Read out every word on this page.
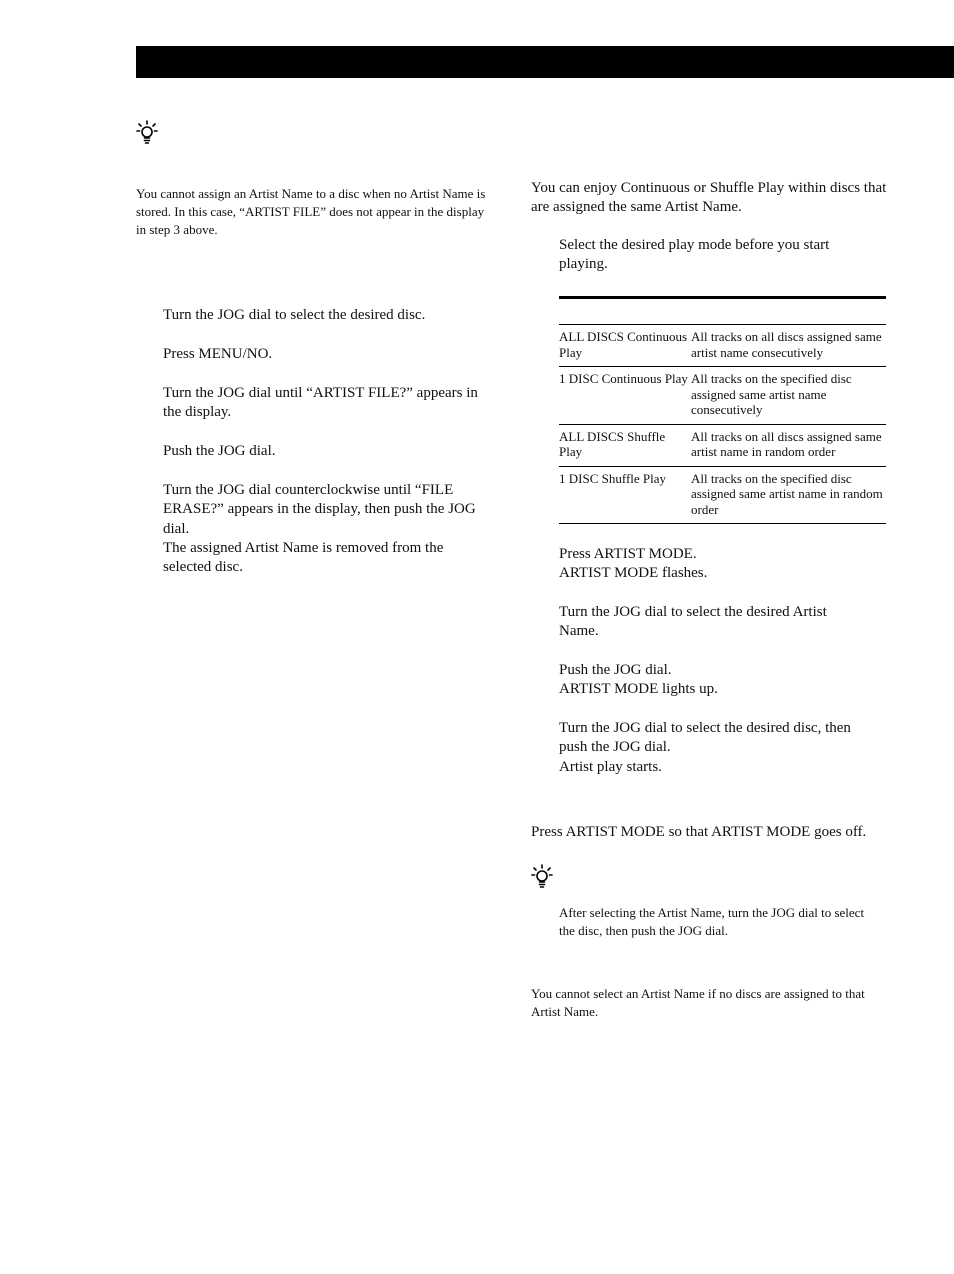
You cannot assign an Artist Name to a disc when no Artist Name is stored. In this case, “ARTIST FILE” does not appear in the display in step 3 above.
Turn the JOG dial to select the desired disc.
Press MENU/NO.
Turn the JOG dial until “ARTIST FILE?” appears in the display.
Push the JOG dial.
Turn the JOG dial counterclockwise until “FILE ERASE?” appears in the display, then push the JOG dial.
The assigned Artist Name is removed from the selected disc.
You can enjoy Continuous or Shuffle Play within discs that are assigned the same Artist Name.
Select the desired play mode before you start playing.
ALL DISCS Continuous Play	All tracks on all discs assigned same artist name consecutively
1 DISC Continuous Play	All tracks on the specified disc assigned same artist name consecutively
ALL DISCS Shuffle Play	All tracks on all discs assigned same artist name in random order
1 DISC Shuffle Play	All tracks on the specified disc assigned same artist name in random order
Press ARTIST MODE.
ARTIST MODE flashes.
Turn the JOG dial to select the desired Artist Name.
Push the JOG dial.
ARTIST MODE lights up.
Turn the JOG dial to select the desired disc, then push the JOG dial.
Artist play starts.
Press ARTIST MODE so that ARTIST MODE goes off.
After selecting the Artist Name, turn the JOG dial to select the disc, then push the JOG dial.
You cannot select an Artist Name if no discs are assigned to that Artist Name.
